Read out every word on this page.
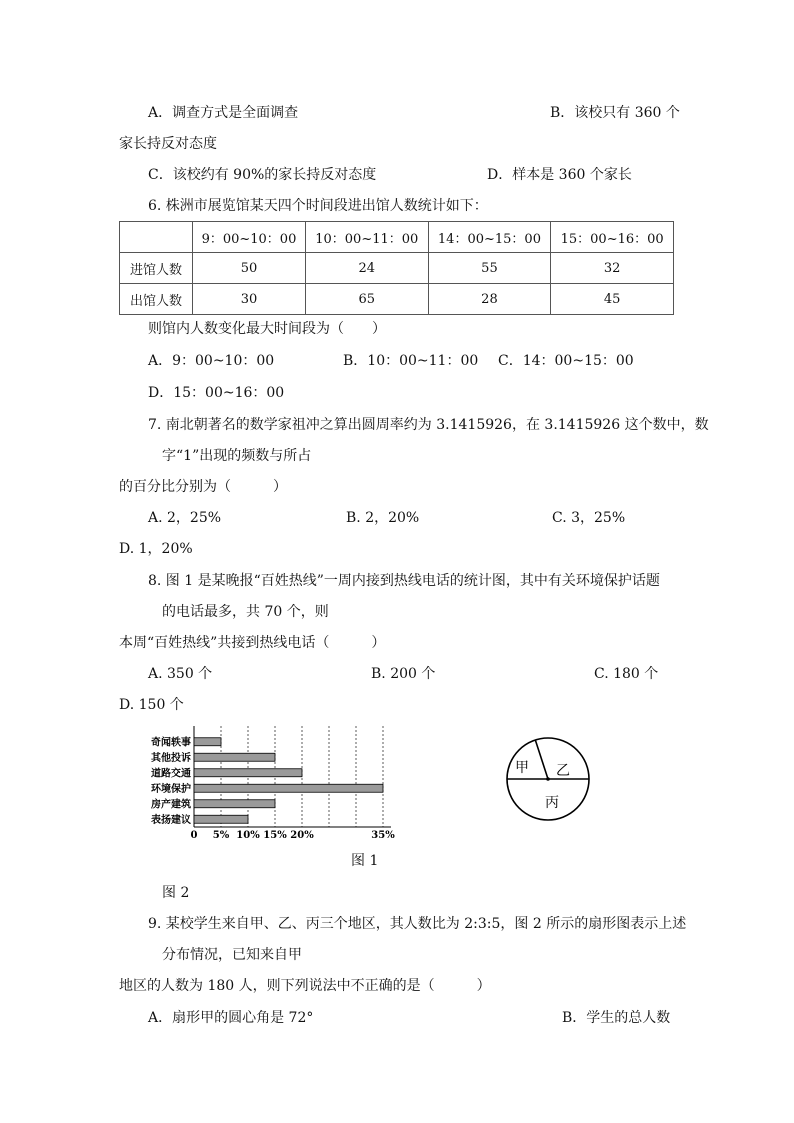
A．调查方式是全面调查	B．该校只有 360 个
家长持反对态度
C．该校约有 90%的家长持反对态度	D．样本是 360 个家长
6. 株洲市展览馆某天四个时间段进出馆人数统计如下：
	9：00~10：00	10：00~11：00	14：00~15：00	15：00~16：00
进馆人数	50	24	55	32
出馆人数	30	65	28	45
则馆内人数变化最大时间段为（　　）
A．9：00~10：00	B．10：00~11：00 C．14：00~15：00
D．15：00~16：00
7. 南北朝著名的数学家祖冲之算出圆周率约为 3.1415926，在 3.1415926 这个数中，数
字“1”出现的频数与所占
的百分比分别为（　　　）
A. 2，25%	B. 2，20%	C. 3，25%
D. 1，20%
8. 图 1 是某晚报“百姓热线”一周内接到热线电话的统计图，其中有关环境保护话题
的电话最多，共 70 个，则
本周“百姓热线”共接到热线电话（　　　）
A. 350 个	B. 200 个	C. 180 个
D. 150 个
奇闻轶事
其他投诉
道路交通
环境保护
房产建筑
表扬建议
0 5% 10% 15% 20%	35%
图 1
甲 乙
丙
图 2
9. 某校学生来自甲、乙、丙三个地区，其人数比为 2:3:5，图 2 所示的扇形图表示上述
分布情况，已知来自甲
地区的人数为 180 人，则下列说法中不正确的是（　　　）
A．扇形甲的圆心角是 72°	B．学生的总人数
